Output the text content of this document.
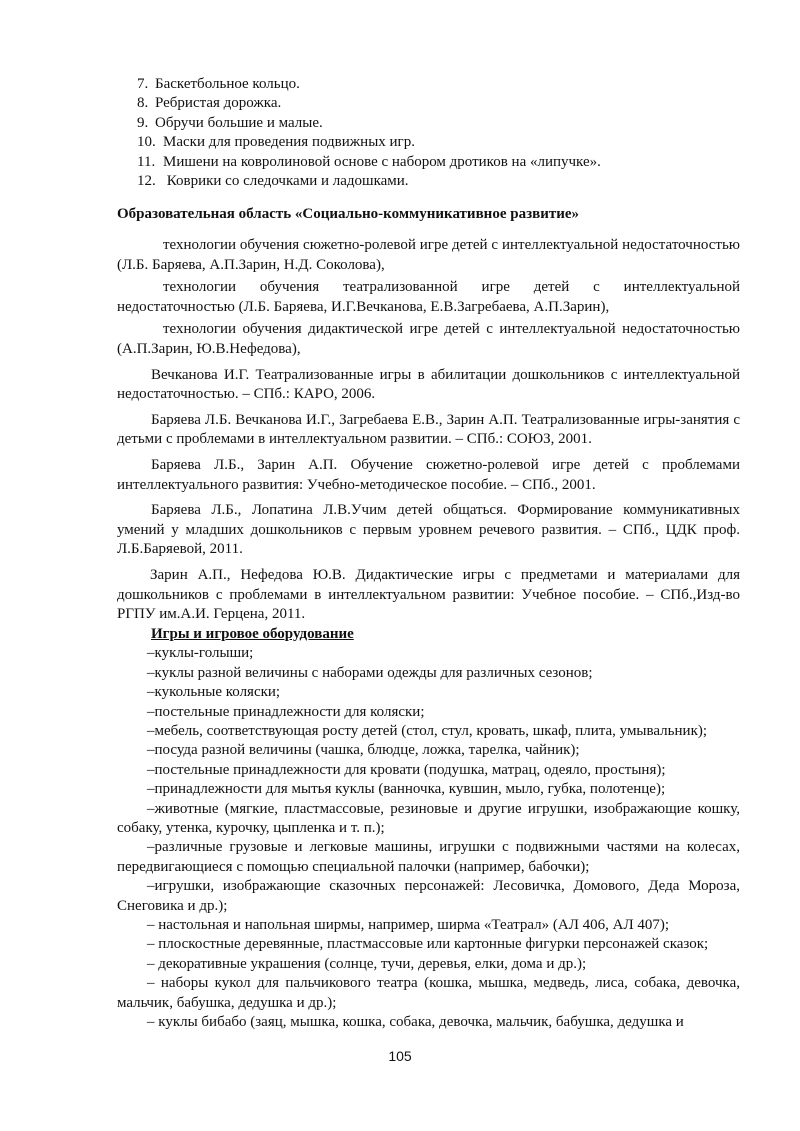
7. Баскетбольное кольцо.
8. Ребристая дорожка.
9. Обручи большие и малые.
10. Маски для проведения подвижных игр.
11. Мишени на ковролиновой основе с набором дротиков на «липучке».
12. Коврики со следочками и ладошками.
Образовательная область «Социально-коммуникативное развитие»

технологии обучения сюжетно-ролевой игре детей с интеллектуальной недостаточностью (Л.Б. Баряева, А.П.Зарин, Н.Д. Соколова),

технологии обучения театрализованной игре детей с интеллектуальной недостаточностью (Л.Б. Баряева, И.Г.Вечканова, Е.В.Загребаева, А.П.Зарин),

технологии обучения дидактической игре детей с интеллектуальной недостаточностью (А.П.Зарин, Ю.В.Нефедова),

Вечканова И.Г. Театрализованные игры в абилитации дошкольников с интеллектуальной недостаточностью. – СПб.: КАРО, 2006.

Баряева Л.Б. Вечканова И.Г., Загребаева Е.В., Зарин А.П. Театрализованные игры-занятия с детьми с проблемами в интеллектуальном развитии. – СПб.: СОЮЗ, 2001.

Баряева Л.Б., Зарин А.П. Обучение сюжетно-ролевой игре детей с проблемами интеллектуального развития: Учебно-методическое пособие. – СПб., 2001.

Баряева Л.Б., Лопатина Л.В.Учим детей общаться. Формирование коммуникативных умений у младших дошкольников с первым уровнем речевого развития. – СПб., ЦДК проф. Л.Б.Баряевой, 2011.

Зарин А.П., Нефедова Ю.В. Дидактические игры с предметами и материалами для дошкольников с проблемами в интеллектуальном развитии: Учебное пособие. – СПб.,Изд-во РГПУ им.А.И. Герцена, 2011.

Игры и игровое оборудование

–куклы-голыши;

–куклы разной величины с наборами одежды для различных сезонов;

–кукольные коляски;

–постельные принадлежности для коляски;

–мебель, соответствующая росту детей (стол, стул, кровать, шкаф, плита, умывальник);

–посуда разной величины (чашка, блюдце, ложка, тарелка, чайник);

–постельные принадлежности для кровати (подушка, матрац, одеяло, простыня);

–принадлежности для мытья куклы (ванночка, кувшин, мыло, губка, полотенце);

–животные (мягкие, пластмассовые, резиновые и другие игрушки, изображающие кошку, собаку, утенка, курочку, цыпленка и т. п.);

–различные грузовые и легковые машины, игрушки с подвижными частями на колесах, передвигающиеся с помощью специальной палочки (например, бабочки);

–игрушки, изображающие сказочных персонажей: Лесовичка, Домового, Деда Мороза, Снеговика и др.);

– настольная и напольная ширмы, например, ширма «Театрал» (АЛ 406, АЛ 407);

– плоскостные деревянные, пластмассовые или картонные фигурки персонажей сказок;

– декоративные украшения (солнце, тучи, деревья, елки, дома и др.);

– наборы кукол для пальчикового театра (кошка, мышка, медведь, лиса, собака, девочка, мальчик, бабушка, дедушка и др.);

– куклы бибабо (заяц, мышка, кошка, собака, девочка, мальчик, бабушка, дедушка и

105
